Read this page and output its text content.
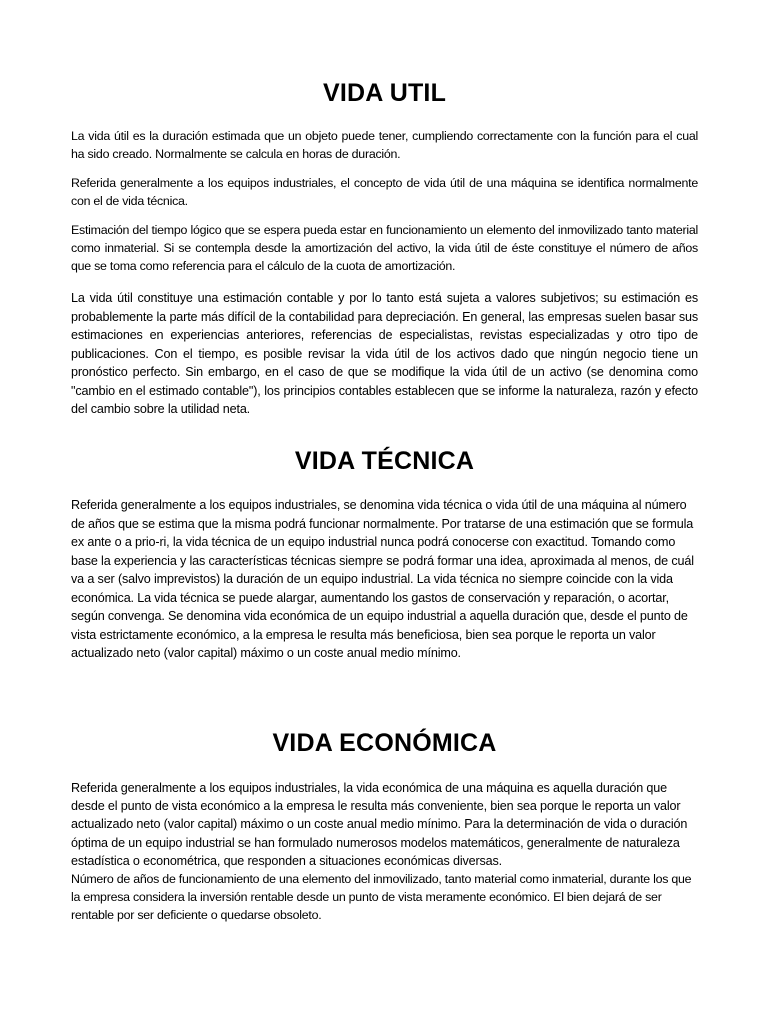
VIDA UTIL

La vida útil es la duración estimada que un objeto puede tener, cumpliendo correctamente con la función para el cual ha sido creado. Normalmente se calcula en horas de duración.

Referida generalmente a los equipos industriales, el concepto de vida útil de una máquina se identifica normalmente con el de vida técnica.

Estimación del tiempo lógico que se espera pueda estar en funcionamiento un elemento del inmovilizado tanto material como inmaterial. Si se contempla desde la amortización del activo, la vida útil de éste constituye el número de años que se toma como referencia para el cálculo de la cuota de amortización.

La vida útil constituye una estimación contable y por lo tanto está sujeta a valores subjetivos; su estimación es probablemente la parte más difícil de la contabilidad para depreciación. En general, las empresas suelen basar sus estimaciones en experiencias anteriores, referencias de especialistas, revistas especializadas y otro tipo de publicaciones. Con el tiempo, es posible revisar la vida útil de los activos dado que ningún negocio tiene un pronóstico perfecto. Sin embargo, en el caso de que se modifique la vida útil de un activo (se denomina como "cambio en el estimado contable"), los principios contables establecen que se informe la naturaleza, razón y efecto del cambio sobre la utilidad neta.

VIDA TÉCNICA

Referida generalmente a los equipos industriales, se denomina vida técnica o vida útil de una máquina al número de años que se estima que la misma podrá funcionar normalmente. Por tratarse de una estimación que se formula ex ante o a prio-ri, la vida técnica de un equipo industrial nunca podrá conocerse con exactitud. Tomando como base la experiencia y las características técnicas siempre se podrá formar una idea, aproximada al menos, de cuál va a ser (salvo imprevistos) la duración de un equipo industrial. La vida técnica no siempre coincide con la vida económica. La vida técnica se puede alargar, aumentando los gastos de conservación y reparación, o acortar, según convenga. Se denomina vida económica de un equipo industrial a aquella duración que, desde el punto de vista estrictamente económico, a la empresa le resulta más beneficiosa, bien sea porque le reporta un valor actualizado neto (valor capital) máximo o un coste anual medio mínimo.

VIDA ECONÓMICA

Referida generalmente a los equipos industriales, la vida económica de una máquina es aquella duración que desde el punto de vista económico a la empresa le resulta más conveniente, bien sea porque le reporta un valor actualizado neto (valor capital) máximo o un coste anual medio mínimo. Para la determinación de vida o duración óptima de un equipo industrial se han formulado numerosos modelos matemáticos, generalmente de naturaleza estadística o econométrica, que responden a situaciones económicas diversas.

Número de años de funcionamiento de una elemento del inmovilizado, tanto material como inmaterial, durante los que la empresa considera la inversión rentable desde un punto de vista meramente económico. El bien dejará de ser rentable por ser deficiente o quedarse obsoleto.
